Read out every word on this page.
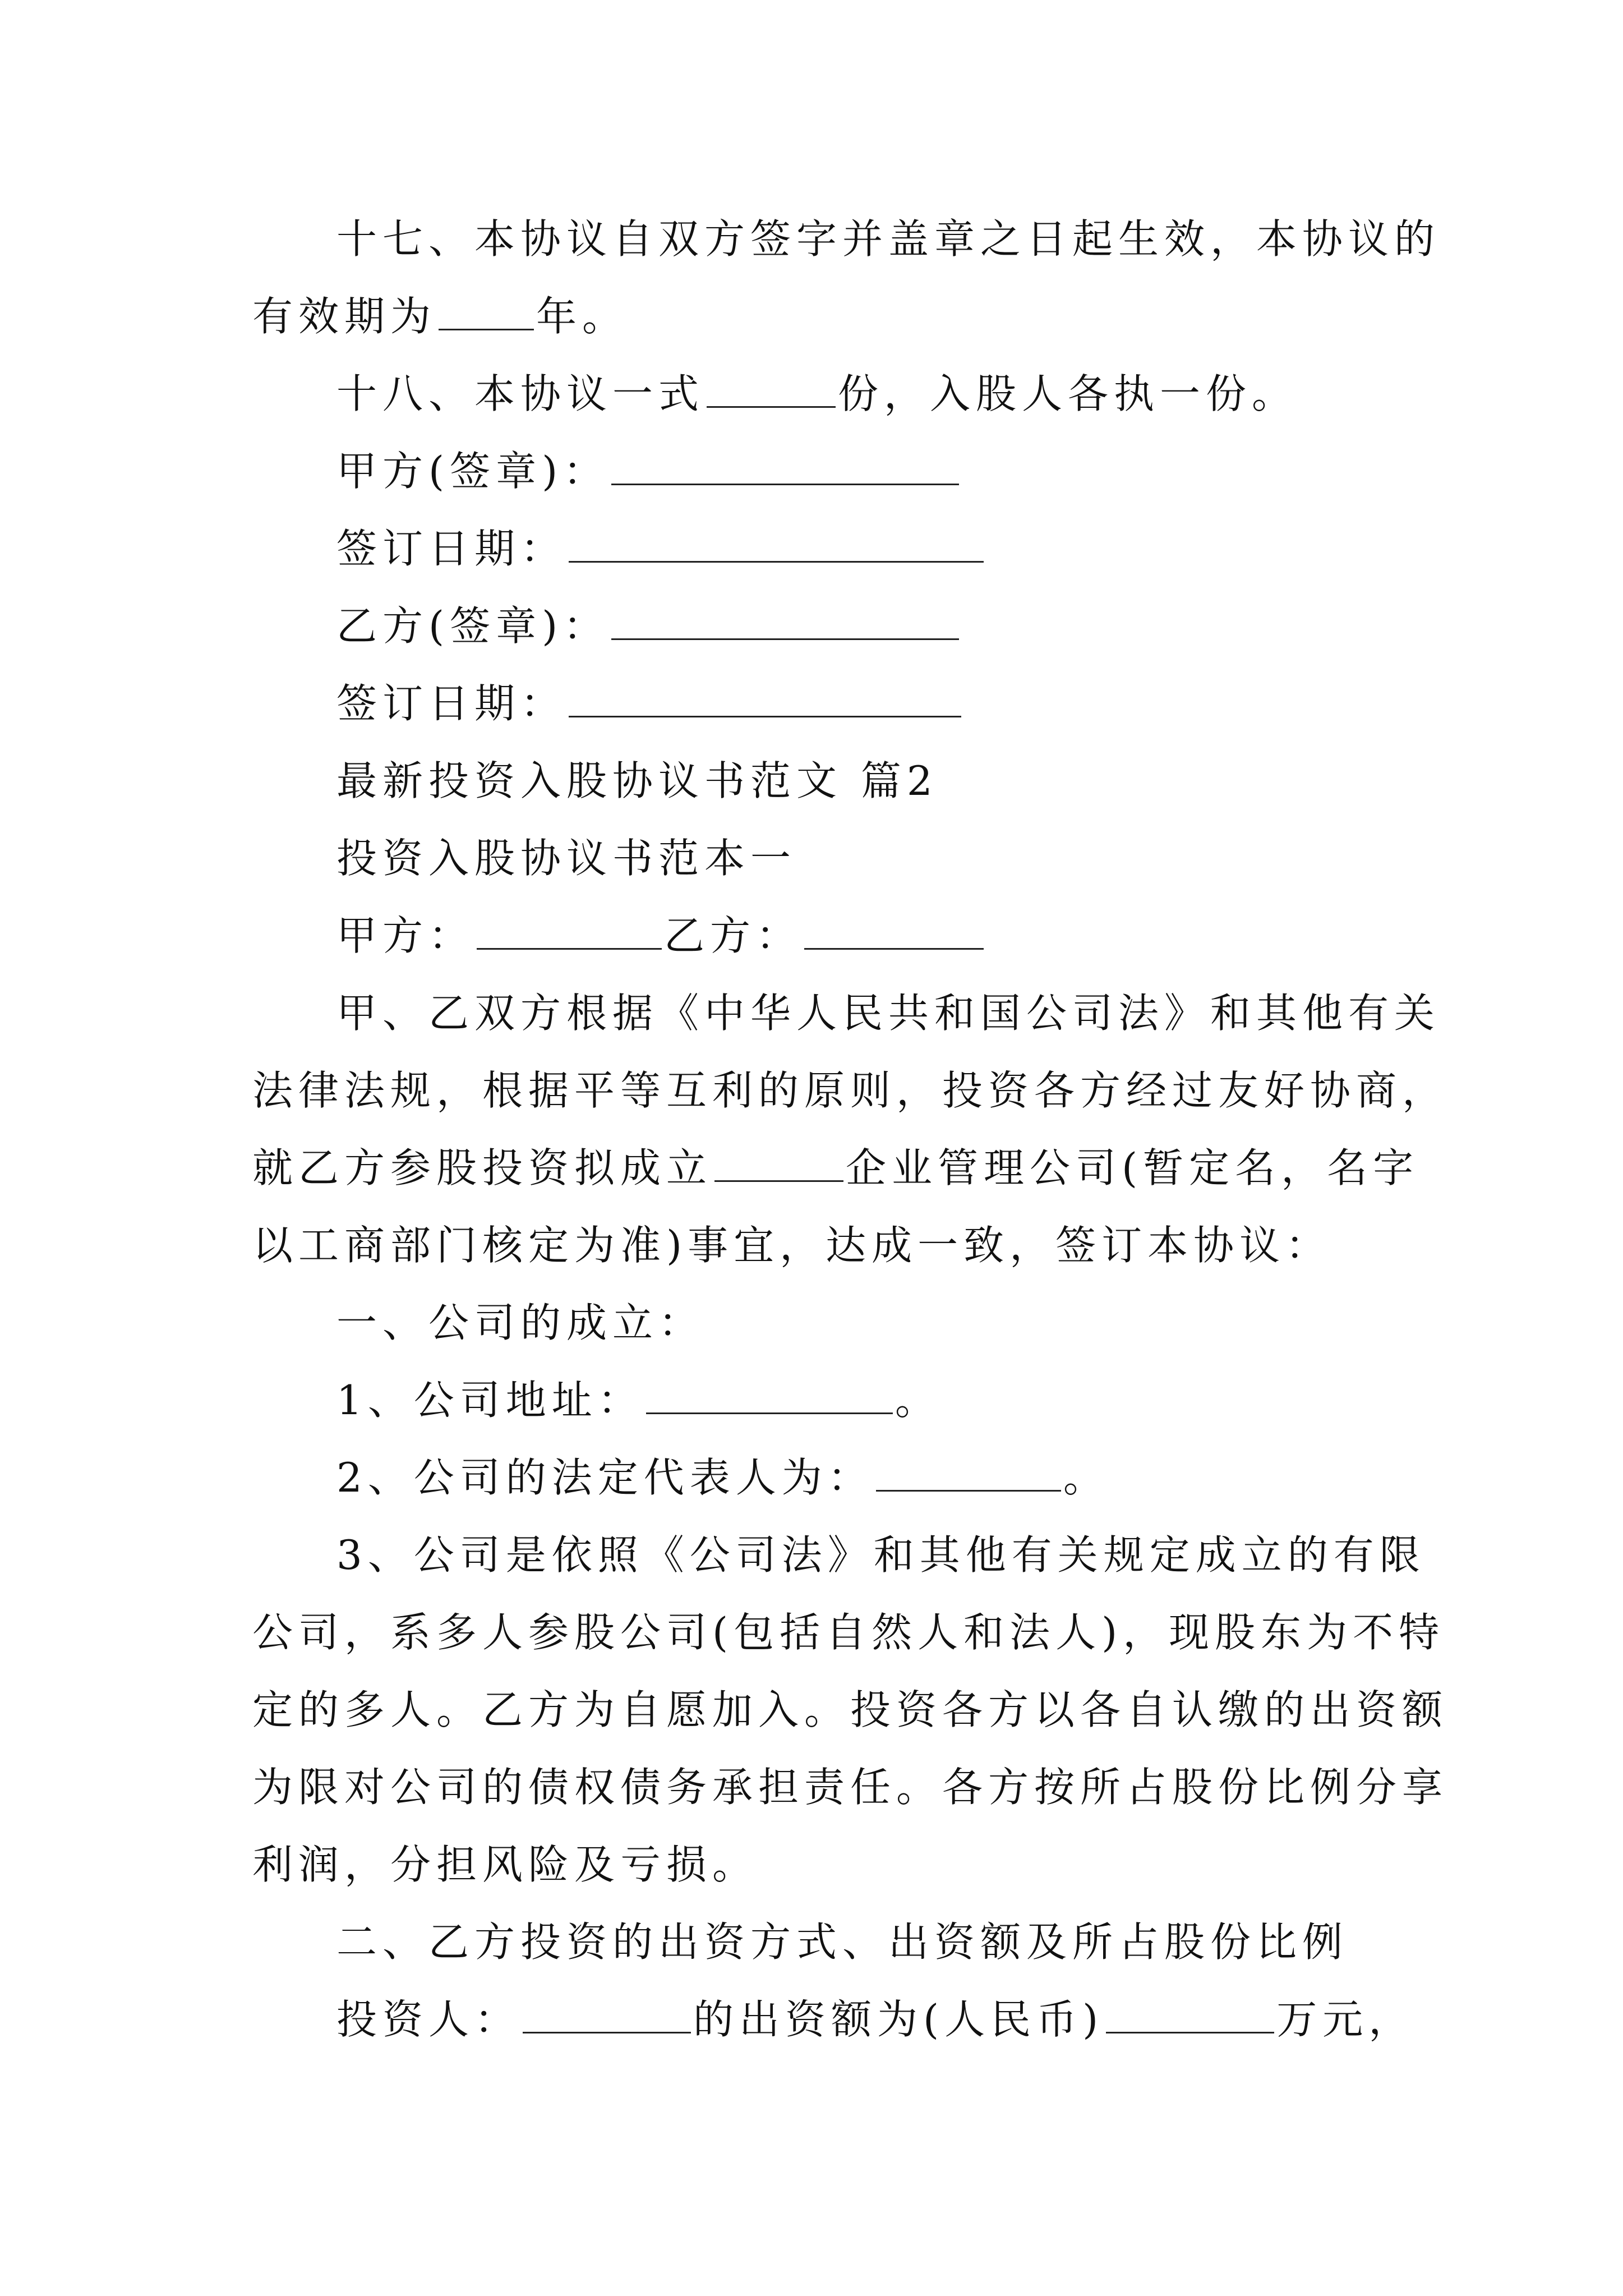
十七、本协议自双方签字并盖章之日起生效，本协议的
有效期为 年。
十八、本协议一式	份，入股人各执一份。
甲方(签章)：
签订日期：
乙方(签章)：
签订日期：
最新投资入股协议书范文 篇2
投资入股协议书范本一
甲方：	乙方：
甲、乙双方根据《中华人民共和国公司法》和其他有关
法律法规，根据平等互利的原则，投资各方经过友好协商，
就乙方参股投资拟成立	企业管理公司(暂定名，名字
以工商部门核定为准)事宜，达成一致，签订本协议：
一、公司的成立：
1、公司地址：	。
2、公司的法定代表人为：	。
3、公司是依照《公司法》和其他有关规定成立的有限
公司，系多人参股公司(包括自然人和法人)，现股东为不特
定的多人。乙方为自愿加入。投资各方以各自认缴的出资额
为限对公司的债权债务承担责任。各方按所占股份比例分享
利润，分担风险及亏损。
二、乙方投资的出资方式、出资额及所占股份比例
投资人：	的出资额为(人民币)	万元，
